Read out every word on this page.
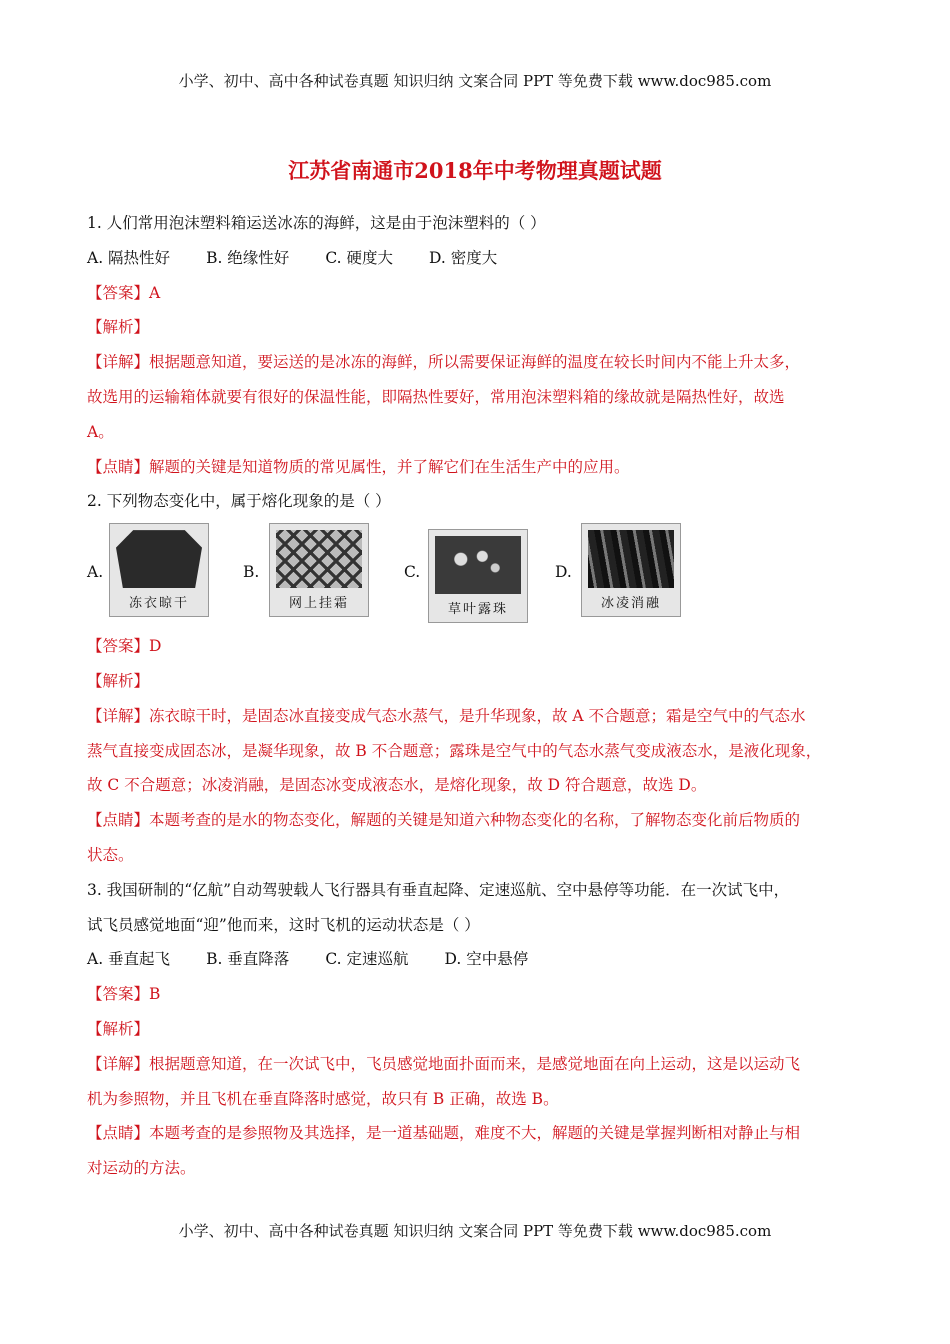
小学、初中、高中各种试卷真题 知识归纳 文案合同 PPT 等免费下载 www.doc985.com
江苏省南通市2018年中考物理真题试题
1. 人们常用泡沫塑料箱运送冰冻的海鲜，这是由于泡沫塑料的（ ）
A. 隔热性好 B. 绝缘性好 C. 硬度大 D. 密度大
【答案】A
【解析】
【详解】根据题意知道，要运送的是冰冻的海鲜，所以需要保证海鲜的温度在较长时间内不能上升太多，
故选用的运输箱体就要有很好的保温性能，即隔热性要好，常用泡沫塑料箱的缘故就是隔热性好，故选
A。
【点睛】解题的关键是知道物质的常见属性，并了解它们在生活生产中的应用。
2. 下列物态变化中，属于熔化现象的是（ ）
A.
冻衣晾干
B.
网上挂霜
C.
草叶露珠
D.
冰凌消融
【答案】D
【解析】
【详解】冻衣晾干时，是固态冰直接变成气态水蒸气，是升华现象，故 A 不合题意；霜是空气中的气态水
蒸气直接变成固态冰，是凝华现象，故 B 不合题意；露珠是空气中的气态水蒸气变成液态水，是液化现象，
故 C 不合题意；冰凌消融，是固态冰变成液态水，是熔化现象，故 D 符合题意，故选 D。
【点睛】本题考查的是水的物态变化，解题的关键是知道六种物态变化的名称，了解物态变化前后物质的
状态。
3. 我国研制的“亿航”自动驾驶载人飞行器具有垂直起降、定速巡航、空中悬停等功能．在一次试飞中，
试飞员感觉地面“迎”他而来，这时飞机的运动状态是（ ）
A. 垂直起飞 B. 垂直降落 C. 定速巡航 D. 空中悬停
【答案】B
【解析】
【详解】根据题意知道，在一次试飞中，飞员感觉地面扑面而来，是感觉地面在向上运动，这是以运动飞
机为参照物，并且飞机在垂直降落时感觉，故只有 B 正确，故选 B。
【点睛】本题考查的是参照物及其选择，是一道基础题，难度不大，解题的关键是掌握判断相对静止与相
对运动的方法。
小学、初中、高中各种试卷真题 知识归纳 文案合同 PPT 等免费下载 www.doc985.com
